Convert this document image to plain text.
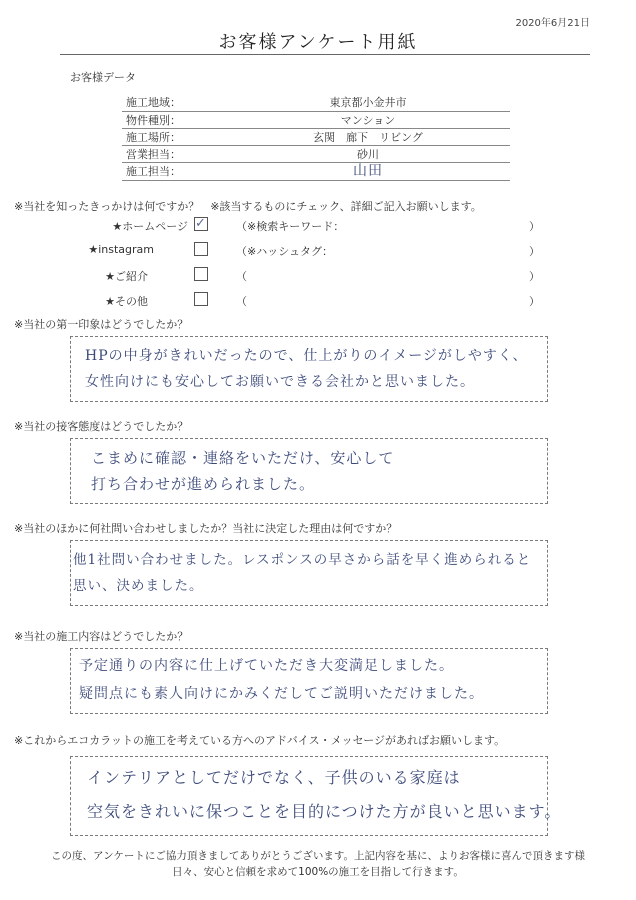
2020年6月21日
お客様アンケート用紙
お客様データ
施工地域：	東京都小金井市
物件種別：	マンション
施工場所：	玄関　廊下　リビング
営業担当：	砂川
施工担当：	山田
※当社を知ったきっかけは何ですか？　※該当するものにチェック、詳細ご記入お願いします。
★ホームページ ✓	（※検索キーワード：	）
★instagram	（※ハッシュタグ：	）
★ご紹介	（	）
★その他	（	）
※当社の第一印象はどうでしたか？
HPの中身がきれいだったので、仕上がりのイメージがしやすく、
女性向けにも安心してお願いできる会社かと思いました。
※当社の接客態度はどうでしたか？
こまめに確認・連絡をいただけ、安心して
打ち合わせが進められました。
※当社のほかに何社問い合わせしましたか？当社に決定した理由は何ですか？
他1社問い合わせました。レスポンスの早さから話を早く進められると
思い、決めました。
※当社の施工内容はどうでしたか？
予定通りの内容に仕上げていただき大変満足しました。
疑問点にも素人向けにかみくだしてご説明いただけました。
※これからエコカラットの施工を考えている方へのアドバイス・メッセージがあればお願いします。
インテリアとしてだけでなく、子供のいる家庭は
空気をきれいに保つことを目的につけた方が良いと思います。
この度、アンケートにご協力頂きましてありがとうございます。上記内容を基に、よりお客様に喜んで頂きます様
日々、安心と信頼を求めて100%の施工を目指して行きます。
